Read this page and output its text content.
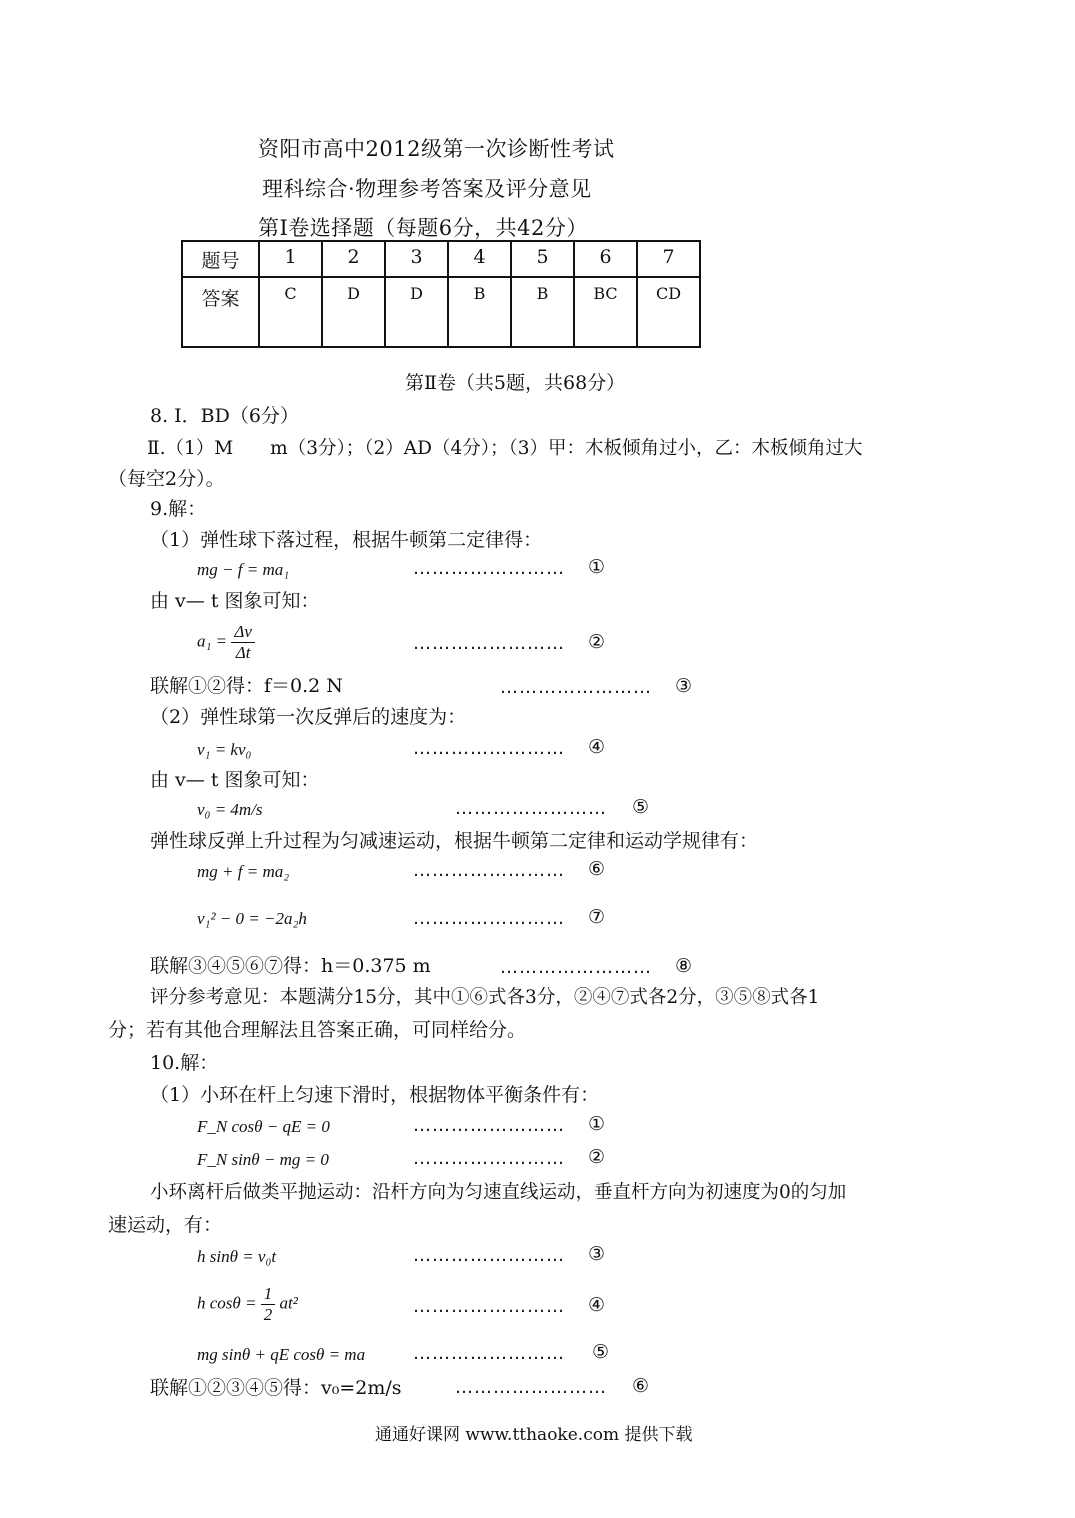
资阳市高中2012级第一次诊断性考试
理科综合·物理参考答案及评分意见
第Ⅰ卷选择题（每题6分，共42分）
题号	1	2	3	4	5	6	7
答案	C	D	D	B	B	BC	CD
第Ⅱ卷（共5题，共68分）
8. Ⅰ．BD（6分）
Ⅱ.（1）M　　m（3分）；（2）AD（4分）；（3）甲：木板倾角过小，乙：木板倾角过大
（每空2分）。
9.解：
（1）弹性球下落过程，根据牛顿第二定律得：
mg − f = ma₁	…………………… ①
由 v— t 图象可知：
$a_1 = \frac{\Delta v}{\Delta t}$	…………………… ②
联解①②得：f＝0.2 N	…………………… ③
（2）弹性球第一次反弹后的速度为：
v₁ = kv₀	…………………… ④
由 v— t 图象可知：
v₀ = 4m/s	…………………… ⑤
弹性球反弹上升过程为匀减速运动，根据牛顿第二定律和运动学规律有：
mg + f = ma₂	…………………… ⑥
v₁² − 0 = −2a₂h	…………………… ⑦
联解③④⑤⑥⑦得：h＝0.375 m	…………………… ⑧
评分参考意见：本题满分15分，其中①⑥式各3分，②④⑦式各2分，③⑤⑧式各1
分；若有其他合理解法且答案正确，可同样给分。
10.解：
（1）小环在杆上匀速下滑时，根据物体平衡条件有：
F_N cosθ − qE = 0	…………………… ①
F_N sinθ − mg = 0	…………………… ②
小环离杆后做类平抛运动：沿杆方向为匀速直线运动，垂直杆方向为初速度为0的匀加
速运动，有：
h sinθ = v₀t	…………………… ③
h $\cos\theta = \frac{1}{2} at^2$	…………………… ④
mg sinθ + qE cosθ = ma	…………………… ⑤
联解①②③④⑤得：v₀=2m/s	…………………… ⑥
通通好课网 www.tthaoke.com 提供下载
